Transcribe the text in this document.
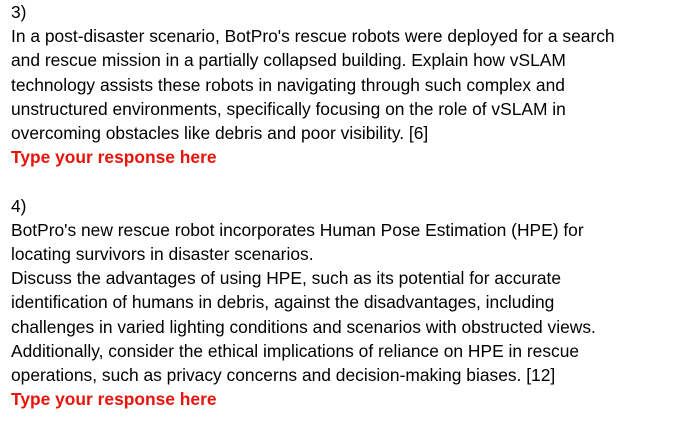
3)
In a post-disaster scenario, BotPro's rescue robots were deployed for a search
and rescue mission in a partially collapsed building. Explain how vSLAM
technology assists these robots in navigating through such complex and
unstructured environments, specifically focusing on the role of vSLAM in
overcoming obstacles like debris and poor visibility. [6]
Type your response here
4)
BotPro's new rescue robot incorporates Human Pose Estimation (HPE) for
locating survivors in disaster scenarios.
Discuss the advantages of using HPE, such as its potential for accurate
identification of humans in debris, against the disadvantages, including
challenges in varied lighting conditions and scenarios with obstructed views.
Additionally, consider the ethical implications of reliance on HPE in rescue
operations, such as privacy concerns and decision-making biases. [12]
Type your response here
